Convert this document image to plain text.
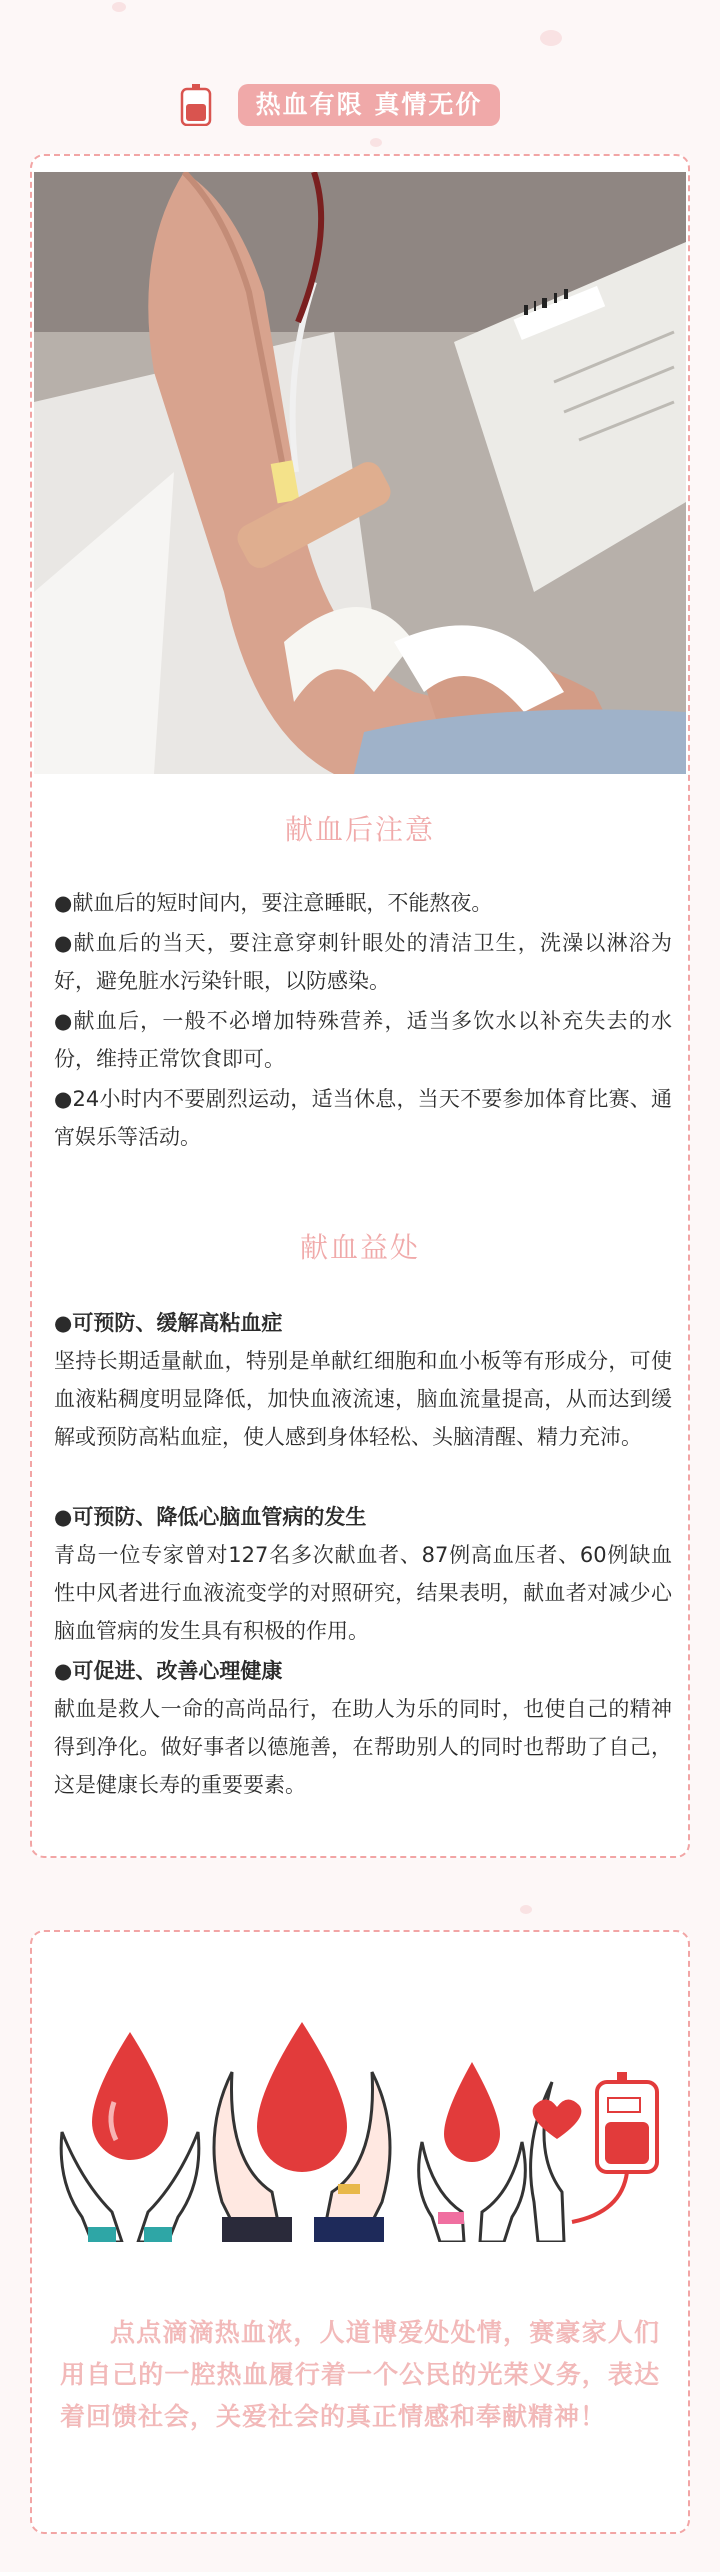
热血有限 真情无价
献血后注意
●献血后的短时间内，要注意睡眠，不能熬夜。
●献血后的当天，要注意穿刺针眼处的清洁卫生，洗澡以淋浴为好，避免脏水污染针眼，以防感染。
●献血后，一般不必增加特殊营养，适当多饮水以补充失去的水份，维持正常饮食即可。
●24小时内不要剧烈运动，适当休息，当天不要参加体育比赛、通宵娱乐等活动。
献血益处
●可预防、缓解高粘血症
坚持长期适量献血，特别是单献红细胞和血小板等有形成分，可使血液粘稠度明显降低，加快血液流速，脑血流量提高，从而达到缓解或预防高粘血症，使人感到身体轻松、头脑清醒、精力充沛。
●可预防、降低心脑血管病的发生
青岛一位专家曾对127名多次献血者、87例高血压者、60例缺血性中风者进行血液流变学的对照研究，结果表明，献血者对减少心脑血管病的发生具有积极的作用。
●可促进、改善心理健康
献血是救人一命的高尚品行，在助人为乐的同时，也使自己的精神得到净化。做好事者以德施善，在帮助别人的同时也帮助了自己，这是健康长寿的重要要素。
点点滴滴热血浓，人道博爱处处情，赛豪家人们用自己的一腔热血履行着一个公民的光荣义务，表达着回馈社会，关爱社会的真正情感和奉献精神！
